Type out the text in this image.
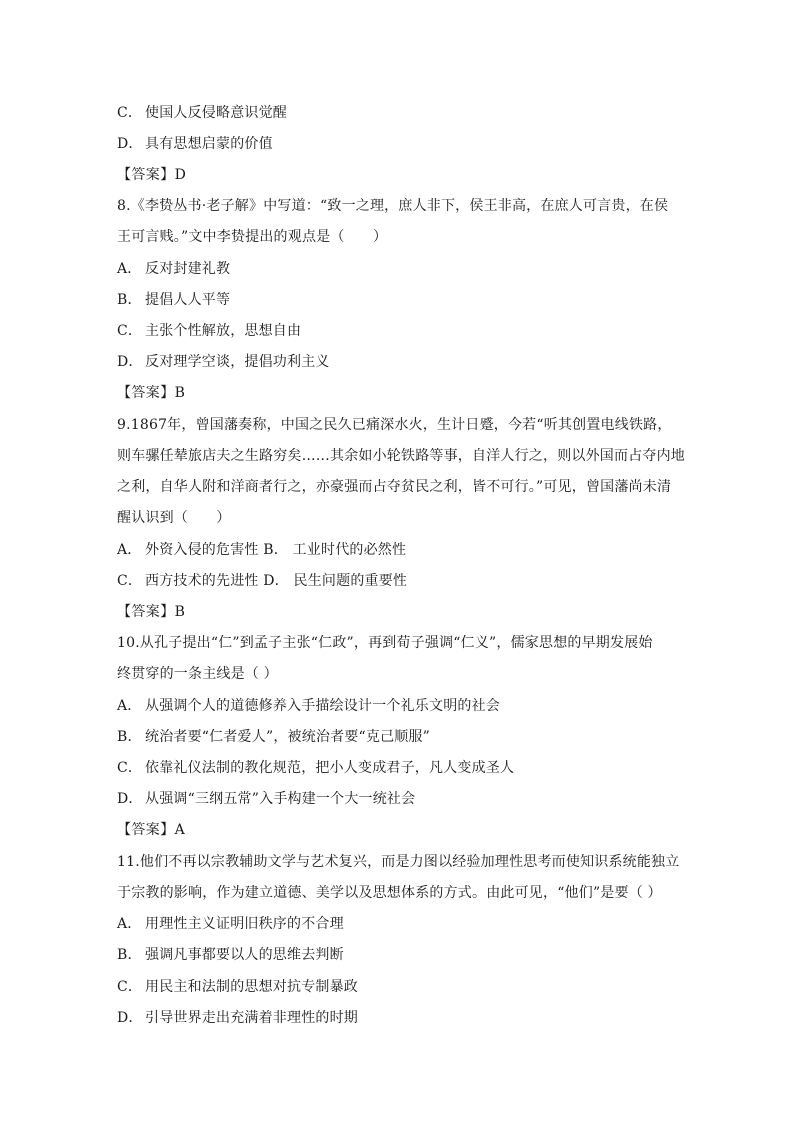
C． 使国人反侵略意识觉醒
D． 具有思想启蒙的价值
【答案】D
8.《李贽丛书·老子解》中写道：“致一之理，庶人非下，侯王非高，在庶人可言贵，在侯
王可言贱。”文中李贽提出的观点是（　　）
A． 反对封建礼教
B． 提倡人人平等
C． 主张个性解放，思想自由
D． 反对理学空谈，提倡功利主义
【答案】B
9.1867年，曾国藩奏称，中国之民久已痛深水火，生计日蹙，今若“听其创置电线铁路，
则车骡任辇旅店夫之生路穷矣……其余如小轮铁路等事，自洋人行之，则以外国而占夺内地
之利，自华人附和洋商者行之，亦豪强而占夺贫民之利，皆不可行。”可见，曾国藩尚未清
醒认识到（　　）
A． 外资入侵的危害性 B． 工业时代的必然性
C． 西方技术的先进性 D． 民生问题的重要性
【答案】B
10.从孔子提出“仁”到孟子主张“仁政”，再到荀子强调“仁义”，儒家思想的早期发展始
终贯穿的一条主线是（ ）
A． 从强调个人的道德修养入手描绘设计一个礼乐文明的社会
B． 统治者要“仁者爱人”，被统治者要“克己顺服”
C． 依靠礼仪法制的教化规范，把小人变成君子，凡人变成圣人
D． 从强调“三纲五常”入手构建一个大一统社会
【答案】A
11.他们不再以宗教辅助文学与艺术复兴，而是力图以经验加理性思考而使知识系统能独立
于宗教的影响，作为建立道德、美学以及思想体系的方式。由此可见，“他们”是要（ ）
A． 用理性主义证明旧秩序的不合理
B． 强调凡事都要以人的思维去判断
C． 用民主和法制的思想对抗专制暴政
D． 引导世界走出充满着非理性的时期
